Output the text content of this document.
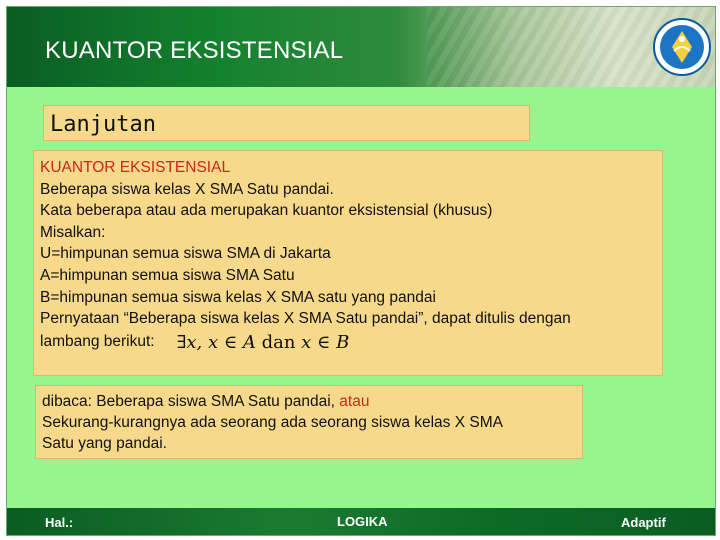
KUANTOR EKSISTENSIAL
Lanjutan
KUANTOR EKSISTENSIAL
Beberapa siswa kelas X SMA Satu pandai.
Kata beberapa atau ada merupakan kuantor eksistensial (khusus)
Misalkan:
U=himpunan semua siswa SMA di Jakarta
A=himpunan semua siswa SMA Satu
B=himpunan semua siswa kelas X SMA satu yang pandai
Pernyataan “Beberapa siswa kelas X SMA Satu pandai”, dapat ditulis dengan
lambang berikut: ∃x, x ∈ A dan x ∈ B
dibaca: Beberapa siswa SMA Satu pandai, atau
Sekurang-kurangnya ada seorang ada seorang siswa kelas X SMA
Satu yang pandai.
Hal.:	LOGIKA	Adaptif
